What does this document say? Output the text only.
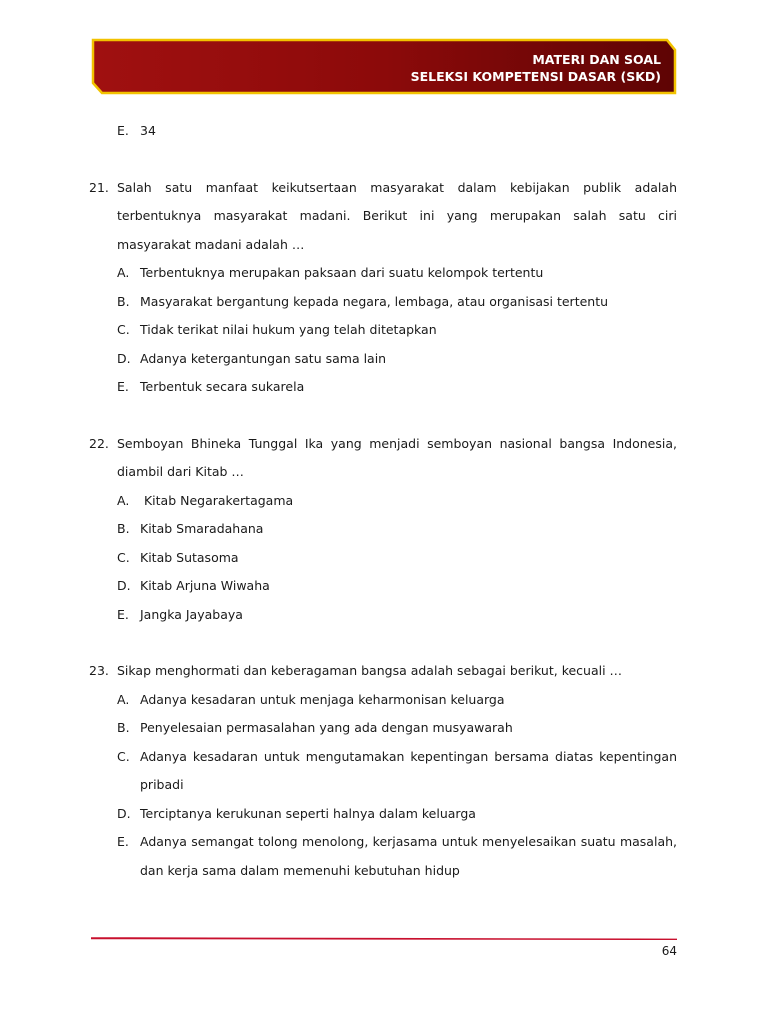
MATERI DAN SOAL
SELEKSI KOMPETENSI DASAR (SKD)
E. 34
21. Salah satu manfaat keikutsertaan masyarakat dalam kebijakan publik adalah terbentuknya masyarakat madani. Berikut ini yang merupakan salah satu ciri masyarakat madani adalah …
A. Terbentuknya merupakan paksaan dari suatu kelompok tertentu
B. Masyarakat bergantung kepada negara, lembaga, atau organisasi tertentu
C. Tidak terikat nilai hukum yang telah ditetapkan
D. Adanya ketergantungan satu sama lain
E. Terbentuk secara sukarela
22. Semboyan Bhineka Tunggal Ika yang menjadi semboyan nasional bangsa Indonesia, diambil dari Kitab …
A. Kitab Negarakertagama
B. Kitab Smaradahana
C. Kitab Sutasoma
D. Kitab Arjuna Wiwaha
E. Jangka Jayabaya
23. Sikap menghormati dan keberagaman bangsa adalah sebagai berikut, kecuali …
A. Adanya kesadaran untuk menjaga keharmonisan keluarga
B. Penyelesaian permasalahan yang ada dengan musyawarah
C. Adanya kesadaran untuk mengutamakan kepentingan bersama diatas kepentingan pribadi
D. Terciptanya kerukunan seperti halnya dalam keluarga
E. Adanya semangat tolong menolong, kerjasama untuk menyelesaikan suatu masalah, dan kerja sama dalam memenuhi kebutuhan hidup
64
